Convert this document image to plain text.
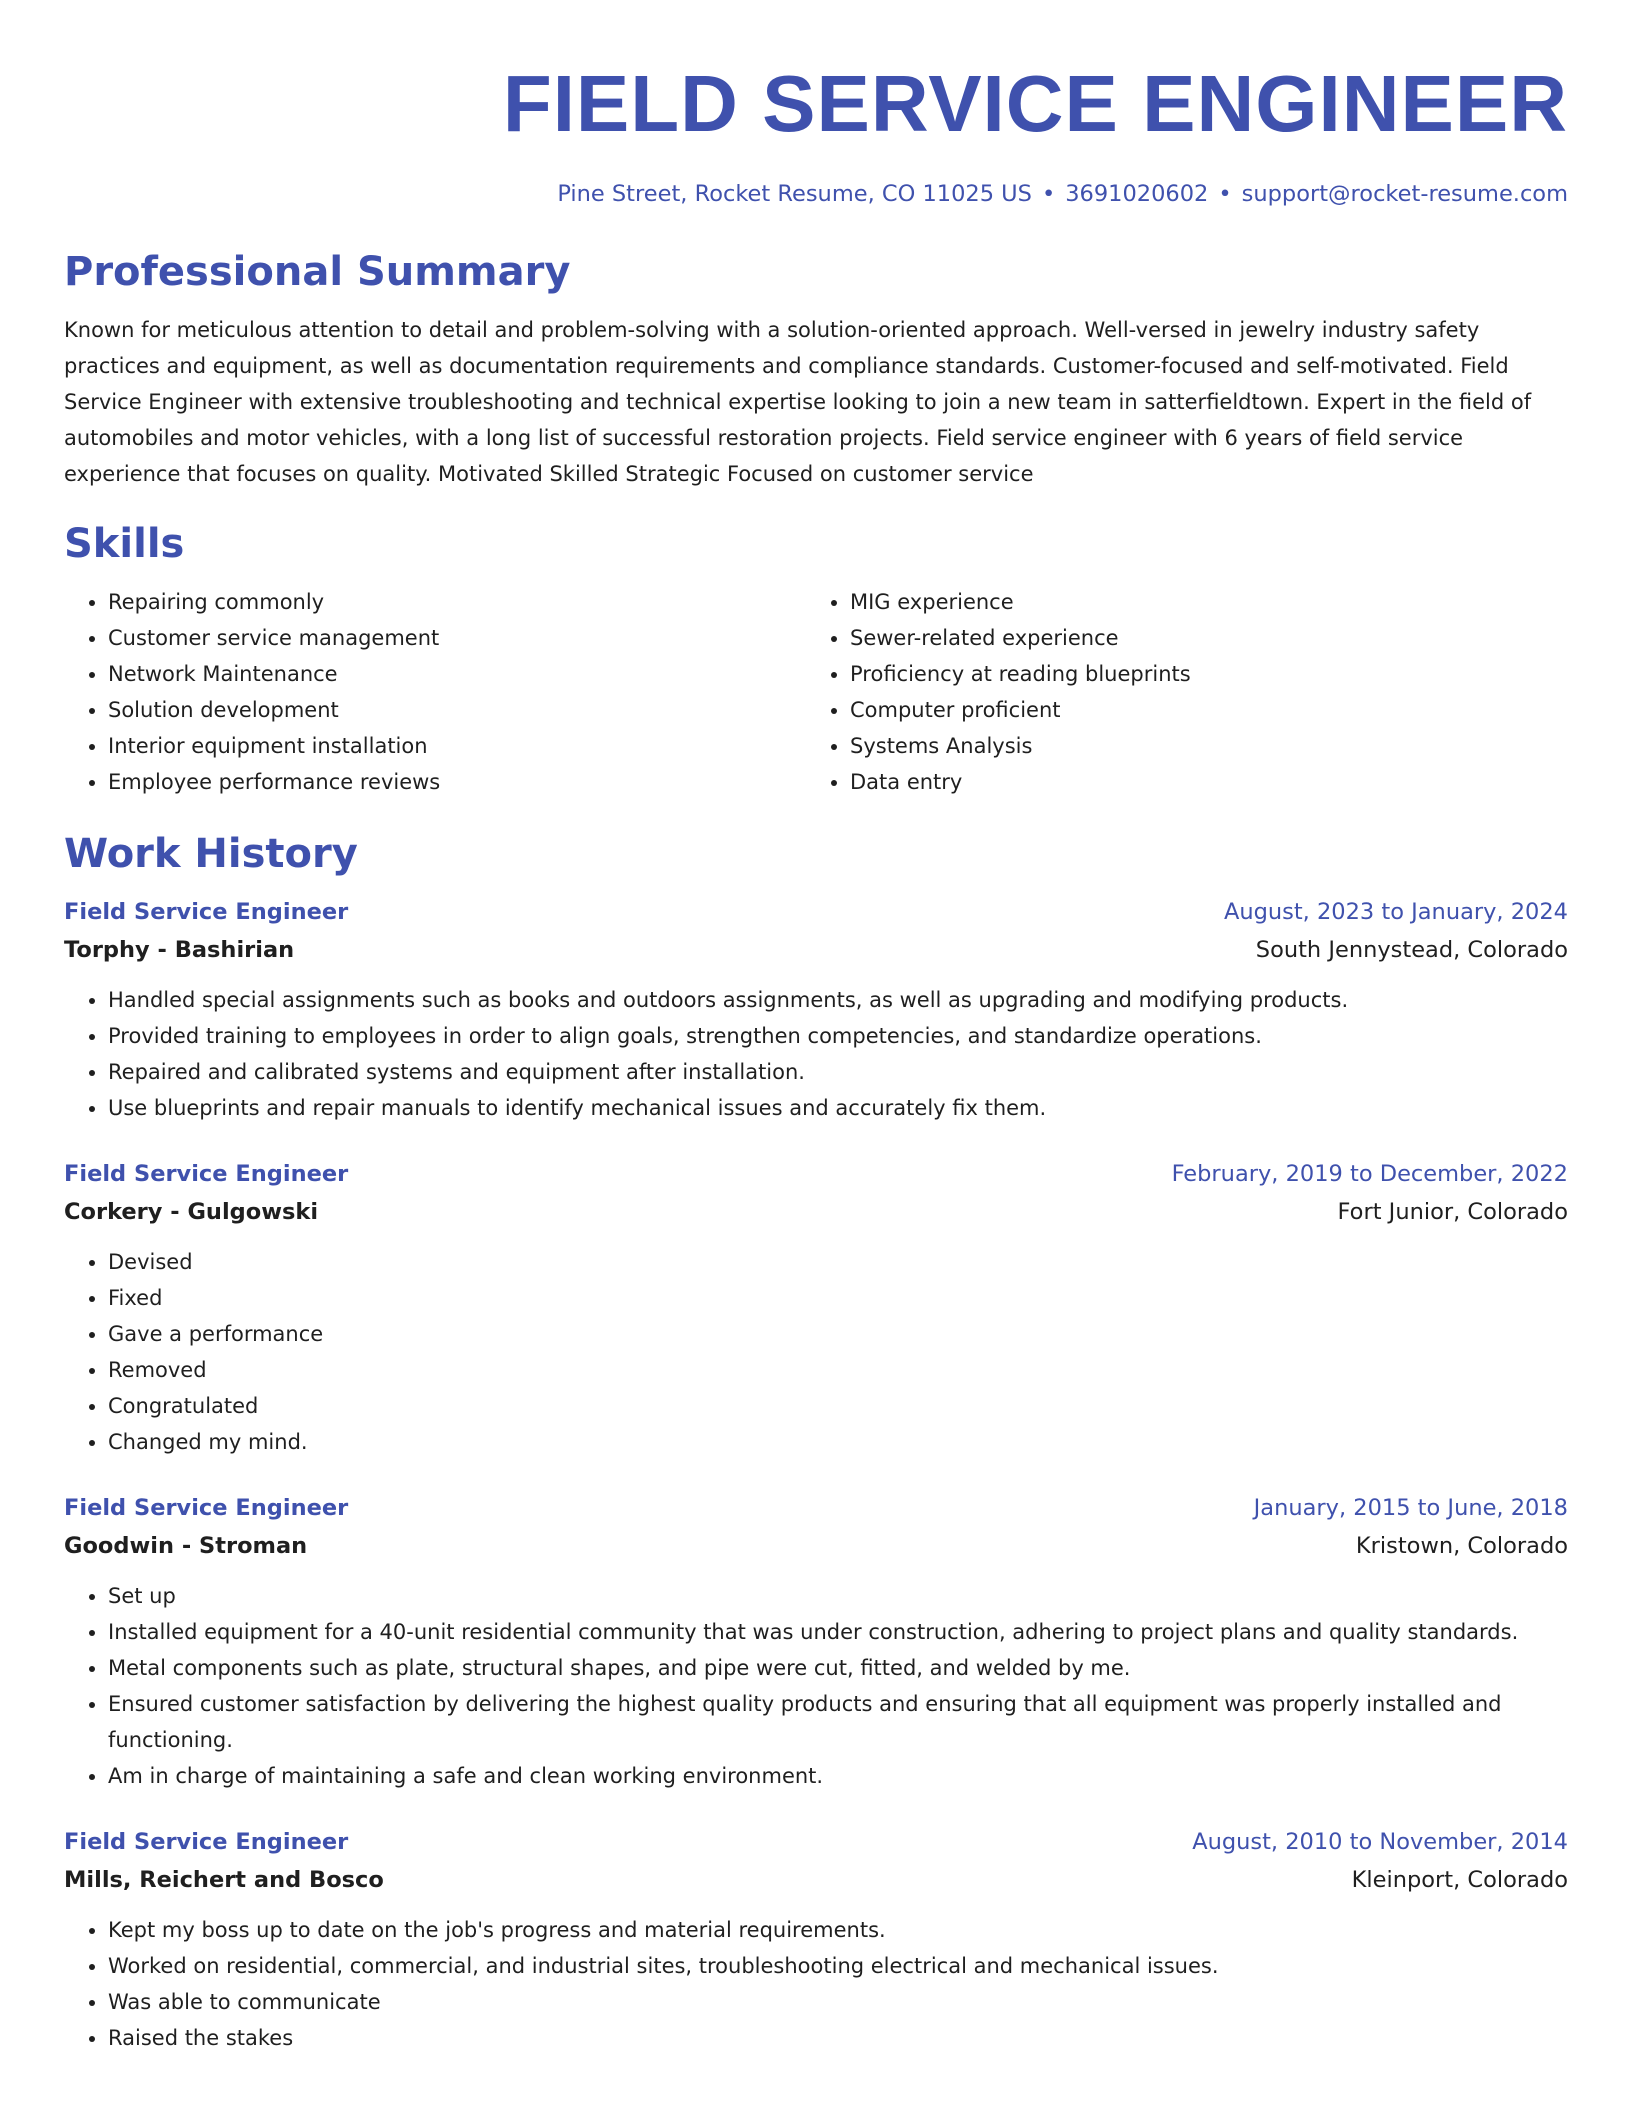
FIELD SERVICE ENGINEER
Pine Street, Rocket Resume, CO 11025 US • 3691020602 • support@rocket-resume.com
Professional Summary

Known for meticulous attention to detail and problem-solving with a solution-oriented approach. Well-versed in jewelry industry safety practices and equipment, as well as documentation requirements and compliance standards. Customer-focused and self-motivated. Field Service Engineer with extensive troubleshooting and technical expertise looking to join a new team in satterfieldtown. Expert in the field of automobiles and motor vehicles, with a long list of successful restoration projects. Field service engineer with 6 years of field service experience that focuses on quality. Motivated Skilled Strategic Focused on customer service

Skills
• Repairing commonly
• Customer service management
• Network Maintenance
• Solution development
• Interior equipment installation
• Employee performance reviews
• MIG experience
• Sewer-related experience
• Proficiency at reading blueprints
• Computer proficient
• Systems Analysis
• Data entry
Work History
Field Service Engineer	August, 2023 to January, 2024
Torphy - Bashirian	South Jennystead, Colorado
• Handled special assignments such as books and outdoors assignments, as well as upgrading and modifying products.
• Provided training to employees in order to align goals, strengthen competencies, and standardize operations.
• Repaired and calibrated systems and equipment after installation.
• Use blueprints and repair manuals to identify mechanical issues and accurately fix them.
Field Service Engineer	February, 2019 to December, 2022
Corkery - Gulgowski	Fort Junior, Colorado
• Devised
• Fixed
• Gave a performance
• Removed
• Congratulated
• Changed my mind.
Field Service Engineer	January, 2015 to June, 2018
Goodwin - Stroman	Kristown, Colorado
• Set up
• Installed equipment for a 40-unit residential community that was under construction, adhering to project plans and quality standards.
• Metal components such as plate, structural shapes, and pipe were cut, fitted, and welded by me.
• Ensured customer satisfaction by delivering the highest quality products and ensuring that all equipment was properly installed and functioning.
• Am in charge of maintaining a safe and clean working environment.
Field Service Engineer	August, 2010 to November, 2014
Mills, Reichert and Bosco	Kleinport, Colorado
• Kept my boss up to date on the job's progress and material requirements.
• Worked on residential, commercial, and industrial sites, troubleshooting electrical and mechanical issues.
• Was able to communicate
• Raised the stakes
